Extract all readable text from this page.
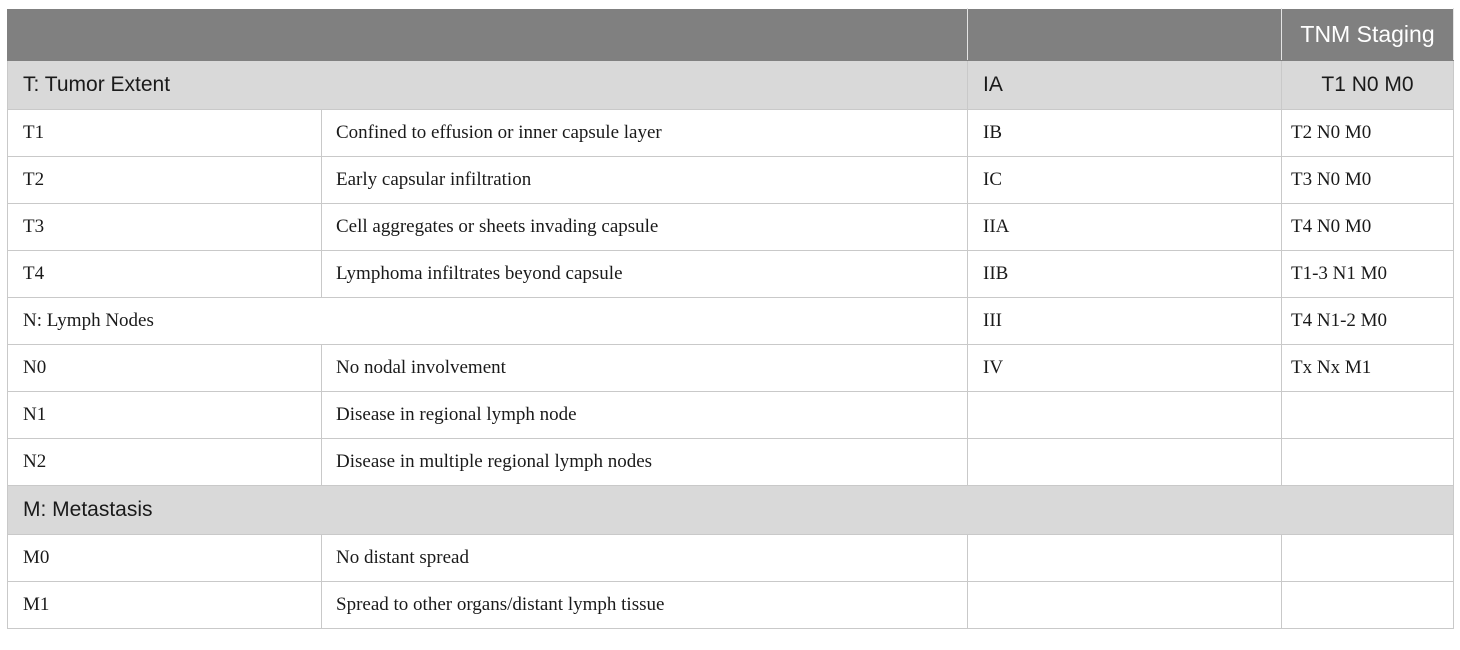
			TNM Staging
T: Tumor Extent		IA	T1 N0 M0
T1	Confined to effusion or inner capsule layer	IB	T2 N0 M0
T2	Early capsular infiltration	IC	T3 N0 M0
T3	Cell aggregates or sheets invading capsule	IIA	T4 N0 M0
T4	Lymphoma infiltrates beyond capsule	IIB	T1-3 N1 M0
N: Lymph Nodes		III	T4 N1-2 M0
N0	No nodal involvement	IV	Tx Nx M1
N1	Disease in regional lymph node		
N2	Disease in multiple regional lymph nodes		
M: Metastasis			
M0	No distant spread		
M1	Spread to other organs/distant lymph tissue		
